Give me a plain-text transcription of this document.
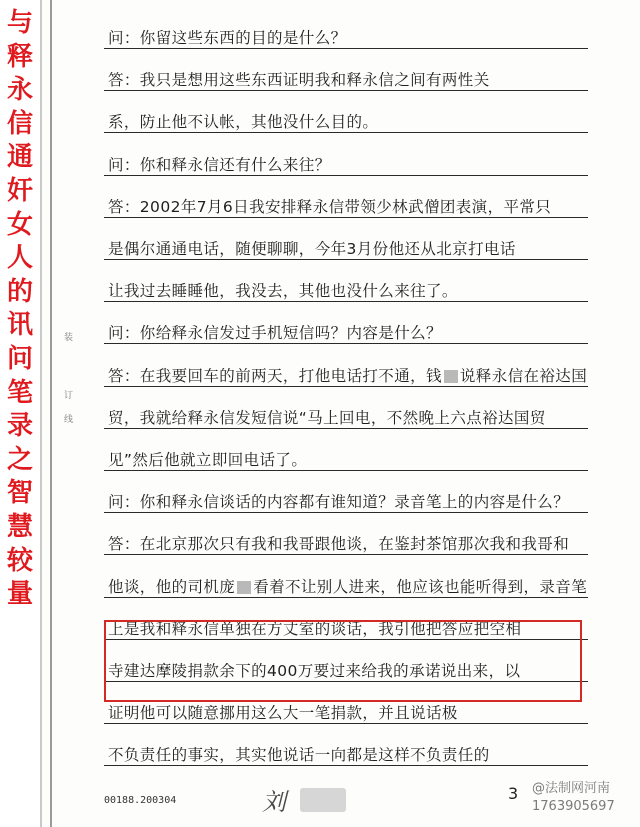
与
释
永
信
通
奸
女
人
的
讯
问
笔
录
之
智
慧
较
量
装
订
线
问：你留这些东西的目的是什么？
答：我只是想用这些东西证明我和释永信之间有两性关
系，防止他不认帐，其他没什么目的。
问：你和释永信还有什么来往？
答：2002年7月6日我安排释永信带领少林武僧团表演，平常只
是偶尔通通电话，随便聊聊，今年3月份他还从北京打电话
让我过去睡睡他，我没去，其他也没什么来往了。
问：你给释永信发过手机短信吗？内容是什么？
答：在我要回车的前两天，打他电话打不通，钱 说释永信在裕达国
贸，我就给释永信发短信说“马上回电，不然晚上六点裕达国贸
见”然后他就立即回电话了。
问：你和释永信谈话的内容都有谁知道？录音笔上的内容是什么？
答：在北京那次只有我和我哥跟他谈，在鉴封茶馆那次我和我哥和
他谈，他的司机庞 看着不让别人进来，他应该也能听得到，录音笔
上是我和释永信单独在方丈室的谈话，我引他把答应把空相
寺建达摩陵捐款余下的400万要过来给我的承诺说出来，以
证明他可以随意挪用这么大一笔捐款，并且说话极
不负责任的事实，其实他说话一向都是这样不负责任的
00188.200304	刘	3 @法制网河南
1763905697
